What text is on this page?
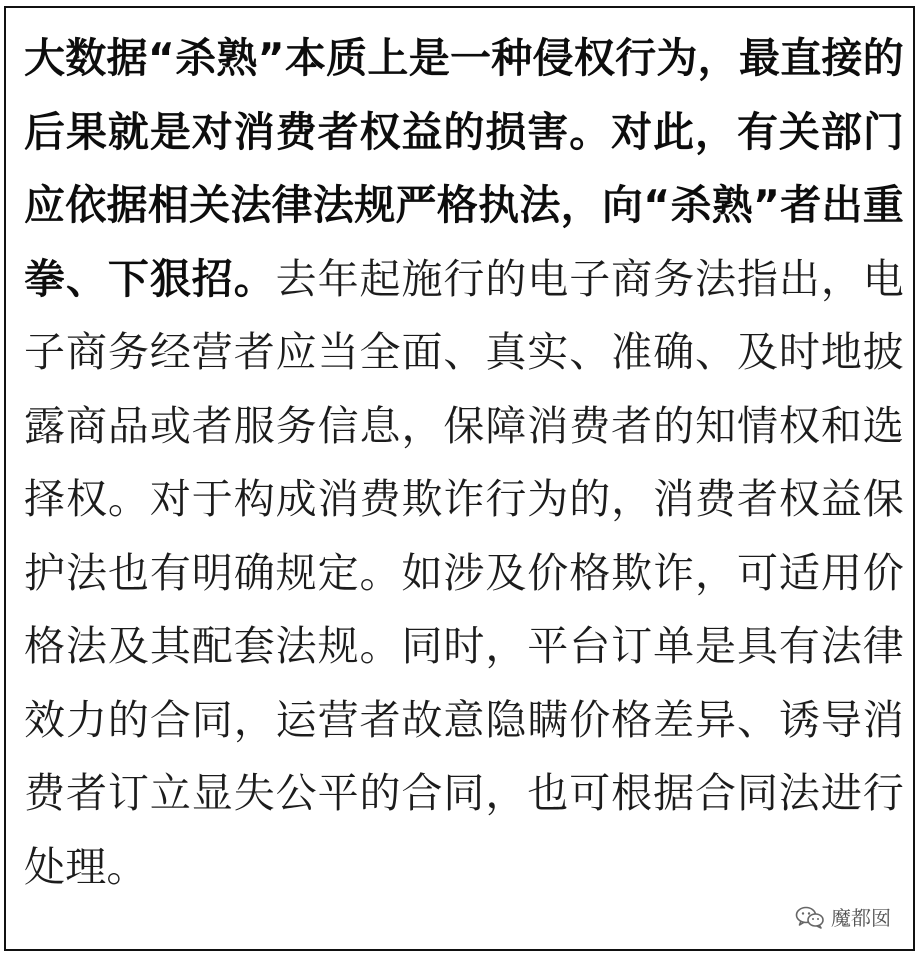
大数据“杀熟”本质上是一种侵权行为，最直接的后果就是对消费者权益的损害。对此，有关部门应依据相关法律法规严格执法，向“杀熟”者出重拳、下狠招。去年起施行的电子商务法指出，电子商务经营者应当全面、真实、准确、及时地披露商品或者服务信息，保障消费者的知情权和选择权。对于构成消费欺诈行为的，消费者权益保护法也有明确规定。如涉及价格欺诈，可适用价格法及其配套法规。同时，平台订单是具有法律效力的合同，运营者故意隐瞒价格差异、诱导消费者订立显失公平的合同，也可根据合同法进行处理。
魔都囡
